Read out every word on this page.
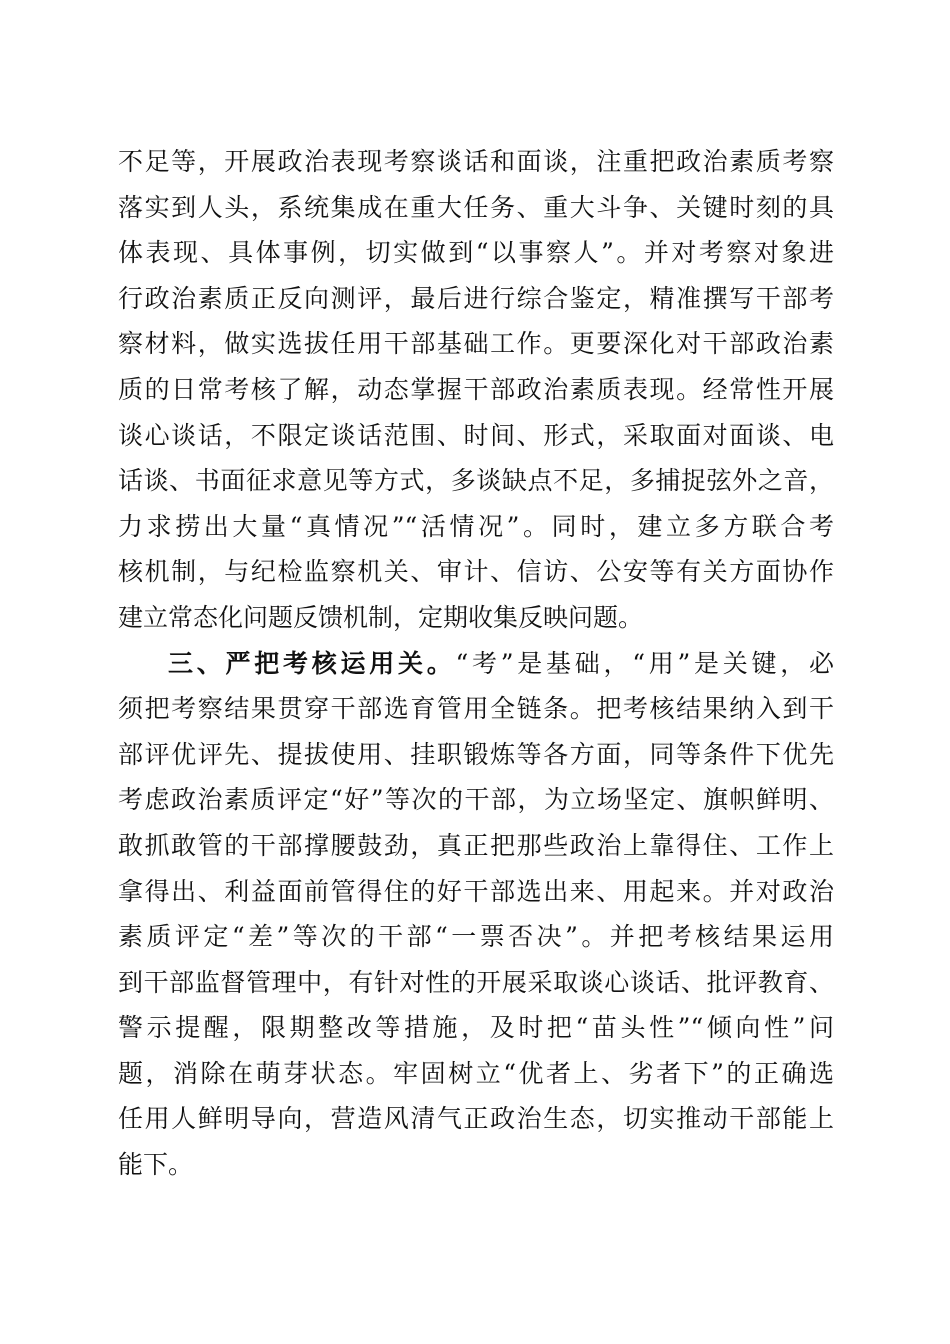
不足等，开展政治表现考察谈话和面谈，注重把政治素质考察
落实到人头，系统集成在重大任务、重大斗争、关键时刻的具
体表现、具体事例，切实做到“以事察人”。并对考察对象进
行政治素质正反向测评，最后进行综合鉴定，精准撰写干部考
察材料，做实选拔任用干部基础工作。更要深化对干部政治素
质的日常考核了解，动态掌握干部政治素质表现。经常性开展
谈心谈话，不限定谈话范围、时间、形式，采取面对面谈、电
话谈、书面征求意见等方式，多谈缺点不足，多捕捉弦外之音，
力求捞出大量“真情况”“活情况”。同时，建立多方联合考
核机制，与纪检监察机关、审计、信访、公安等有关方面协作
建立常态化问题反馈机制，定期收集反映问题。
三、严把考核运用关。“考”是基础，“用”是关键，必
须把考察结果贯穿干部选育管用全链条。把考核结果纳入到干
部评优评先、提拔使用、挂职锻炼等各方面，同等条件下优先
考虑政治素质评定“好”等次的干部，为立场坚定、旗帜鲜明、
敢抓敢管的干部撑腰鼓劲，真正把那些政治上靠得住、工作上
拿得出、利益面前管得住的好干部选出来、用起来。并对政治
素质评定“差”等次的干部“一票否决”。并把考核结果运用
到干部监督管理中，有针对性的开展采取谈心谈话、批评教育、
警示提醒，限期整改等措施，及时把“苗头性”“倾向性”问
题，消除在萌芽状态。牢固树立“优者上、劣者下”的正确选
任用人鲜明导向，营造风清气正政治生态，切实推动干部能上
能下。
